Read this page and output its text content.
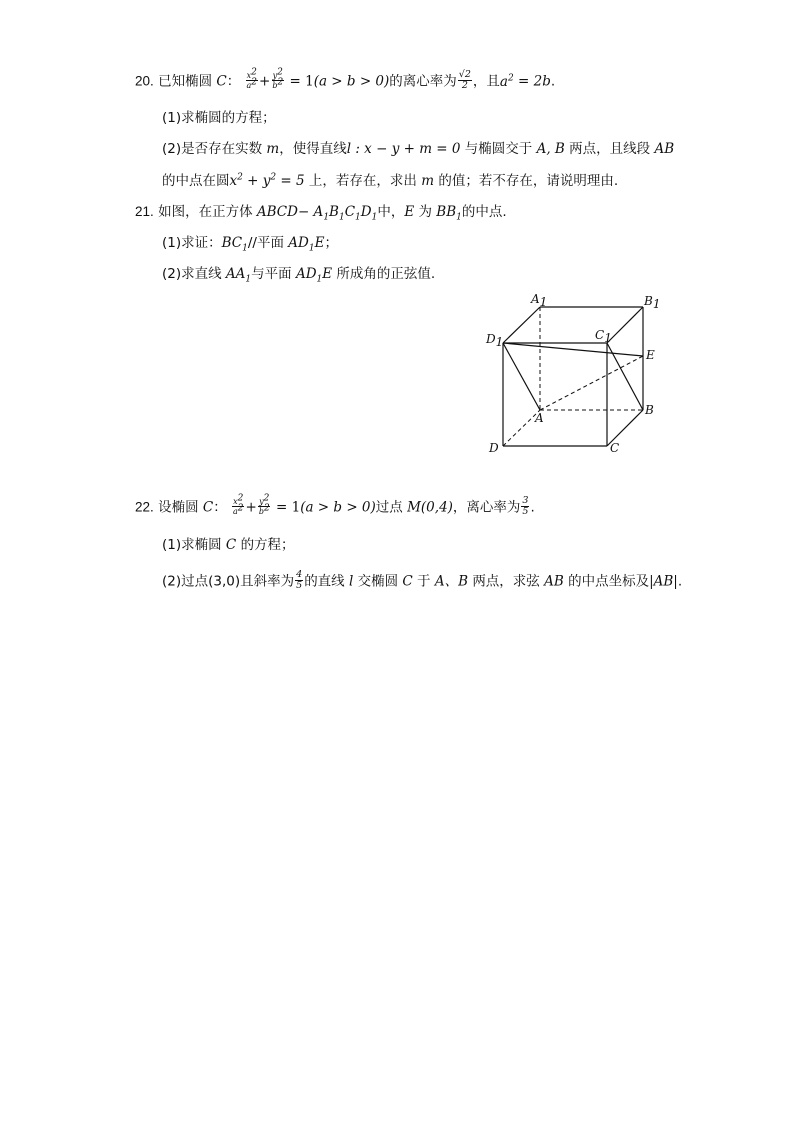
20. 已知椭圆 C： $\frac{x^2}{a^2} + \frac{y^2}{b^2} = 1(a > b > 0)$的离心率为 $\frac{√2}{2}$ ，且$a^2 = 2b$.
(1)求椭圆的方程；
(2)是否存在实数 m，使得直线l : x − y + m = 0 与椭圆交于 A, B 两点，且线段 AB
的中点在圆$x^2 + y^2 = 5$ 上，若存在，求出 m 的值；若不存在，请说明理由.
21. 如图，在正方体 ABCD− $A_1B_1C_1D_1$中，E 为 $BB_1$的中点.
(1)求证：$BC_1//$平面 $AD_1E$；
(2)求直线 $AA_1$与平面 $AD_1E$ 所成角的正弦值.
A1	B1
C1
D1
E
B
A
D	C
22. 设椭圆 C： $\frac{x^2}{a^2} + \frac{y^2}{b^2} = 1(a > b > 0)$过点 M(0,4)，离心率为 $\frac{3}{5}$ .
(1)求椭圆 C 的方程；
(2)过点(3,0)且斜率为 $\frac{4}{5}$ 的直线 l 交椭圆 C 于 A、B 两点，求弦 AB 的中点坐标及|AB|.
